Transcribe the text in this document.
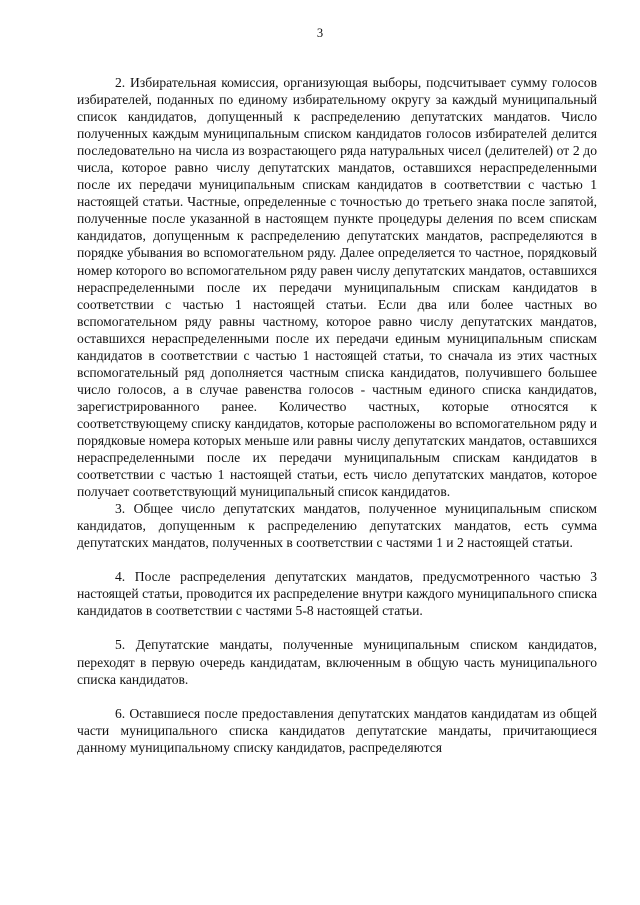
3

2. Избирательная комиссия, организующая выборы, подсчитывает сумму голосов избирателей, поданных по единому избирательному округу за каждый муниципальный список кандидатов, допущенный к распределению депутатских мандатов. Число полученных каждым муниципальным списком кандидатов голосов избирателей делится последовательно на числа из возрастающего ряда натуральных чисел (делителей) от 2 до числа, которое равно числу депутатских мандатов, оставшихся нераспределенными после их передачи муниципальным спискам кандидатов в соответствии с частью 1 настоящей статьи. Частные, определенные с точностью до третьего знака после запятой, полученные после указанной в настоящем пункте процедуры деления по всем спискам кандидатов, допущенным к распределению депутатских мандатов, распределяются в порядке убывания во вспомогательном ряду. Далее определяется то частное, порядковый номер которого во вспомогательном ряду равен числу депутатских мандатов, оставшихся нераспределенными после их передачи муниципальным спискам кандидатов в соответствии с частью 1 настоящей статьи. Если два или более частных во вспомогательном ряду равны частному, которое равно числу депутатских мандатов, оставшихся нераспределенными после их передачи единым муниципальным спискам кандидатов в соответствии с частью 1 настоящей статьи, то сначала из этих частных вспомогательный ряд дополняется частным списка кандидатов, получившего большее число голосов, а в случае равенства голосов - частным единого списка кандидатов, зарегистрированного ранее. Количество частных, которые относятся к соответствующему списку кандидатов, которые расположены во вспомогательном ряду и порядковые номера которых меньше или равны числу депутатских мандатов, оставшихся нераспределенными после их передачи муниципальным спискам кандидатов в соответствии с частью 1 настоящей статьи, есть число депутатских мандатов, которое получает соответствующий муниципальный список кандидатов.

3. Общее число депутатских мандатов, полученное муниципальным списком кандидатов, допущенным к распределению депутатских мандатов, есть сумма депутатских мандатов, полученных в соответствии с частями 1 и 2 настоящей статьи.

4. После распределения депутатских мандатов, предусмотренного частью 3 настоящей статьи, проводится их распределение внутри каждого муниципального списка кандидатов в соответствии с частями 5-8 настоящей статьи.

5. Депутатские мандаты, полученные муниципальным списком кандидатов, переходят в первую очередь кандидатам, включенным в общую часть муниципального списка кандидатов.

6. Оставшиеся после предоставления депутатских мандатов кандидатам из общей части муниципального списка кандидатов депутатские мандаты, причитающиеся данному муниципальному списку кандидатов, распределяются
